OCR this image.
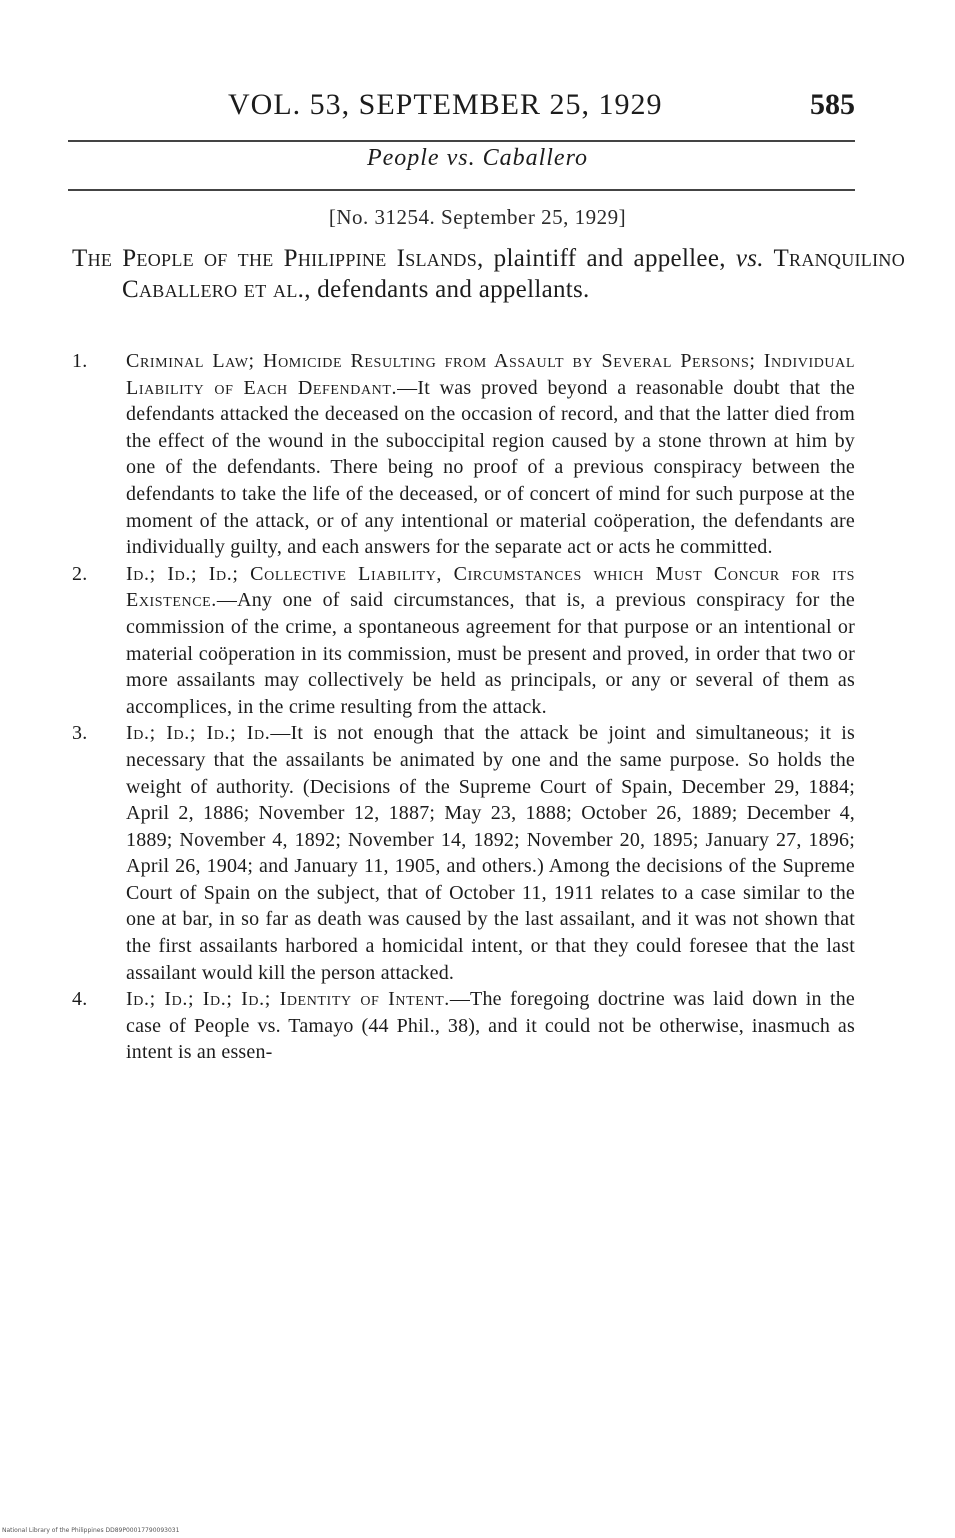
VOL. 53, SEPTEMBER 25, 1929	585
People vs. Caballero
[No. 31254. September 25, 1929]
The People of the Philippine Islands, plaintiff and appellee, vs. Tranquilino Caballero et al., defendants and appellants.
1. Criminal Law; Homicide Resulting from Assault by Several Persons; Individual Liability of Each Defendant.—It was proved beyond a reasonable doubt that the defendants attacked the deceased on the occasion of record, and that the latter died from the effect of the wound in the suboccipital region caused by a stone thrown at him by one of the defendants. There being no proof of a previous conspiracy between the defendants to take the life of the deceased, or of concert of mind for such purpose at the moment of the attack, or of any intentional or material coöperation, the defendants are individually guilty, and each answers for the separate act or acts he committed.
2. Id.; Id.; Id.; Collective Liability, Circumstances which Must Concur for its Existence.—Any one of said circumstances, that is, a previous conspiracy for the commission of the crime, a spontaneous agreement for that purpose or an intentional or material coöperation in its commission, must be present and proved, in order that two or more assailants may collectively be held as principals, or any or several of them as accomplices, in the crime resulting from the attack.
3. Id.; Id.; Id.; Id.—It is not enough that the attack be joint and simultaneous; it is necessary that the assailants be animated by one and the same purpose. So holds the weight of authority. (Decisions of the Supreme Court of Spain, December 29, 1884; April 2, 1886; November 12, 1887; May 23, 1888; October 26, 1889; December 4, 1889; November 4, 1892; November 14, 1892; November 20, 1895; January 27, 1896; April 26, 1904; and January 11, 1905, and others.) Among the decisions of the Supreme Court of Spain on the subject, that of October 11, 1911 relates to a case similar to the one at bar, in so far as death was caused by the last assailant, and it was not shown that the first assailants harbored a homicidal intent, or that they could foresee that the last assailant would kill the person attacked.
4. Id.; Id.; Id.; Id.; Identity of Intent.—The foregoing doctrine was laid down in the case of People vs. Tamayo (44 Phil., 38), and it could not be otherwise, inasmuch as intent is an essen-
National Library of the Philippines DD89P00017790093031
